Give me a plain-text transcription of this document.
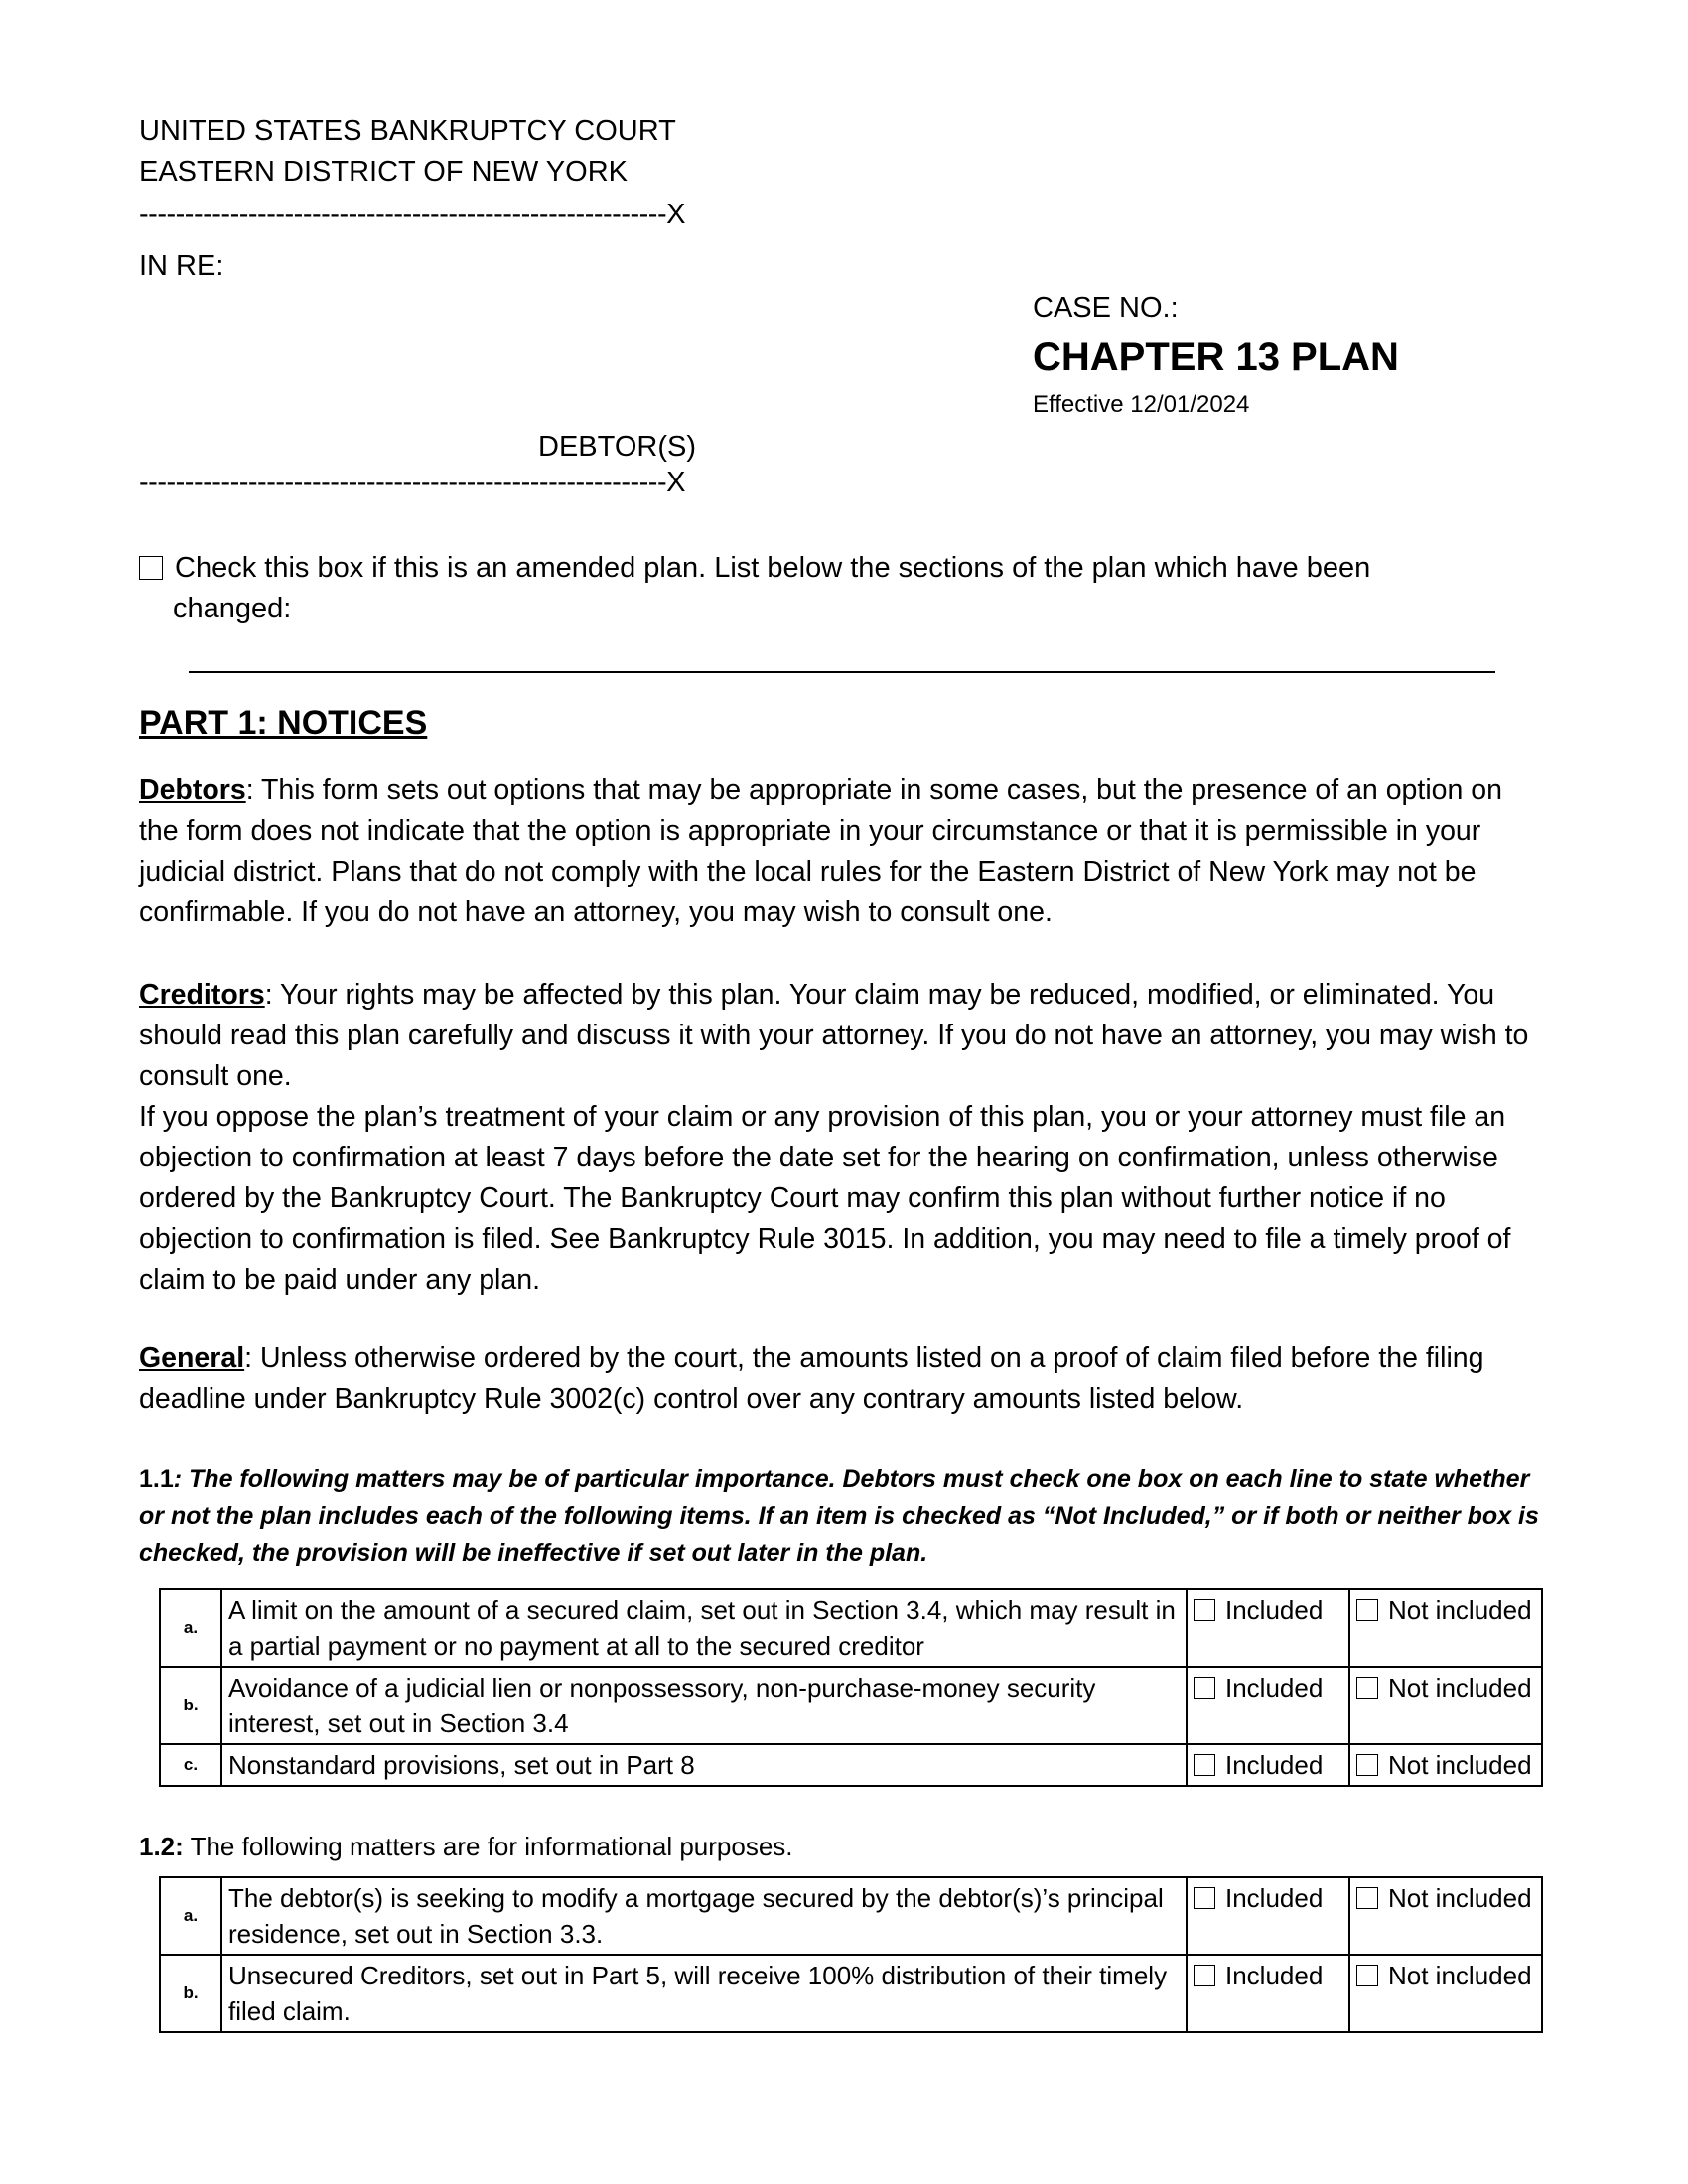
UNITED STATES BANKRUPTCY COURT
EASTERN DISTRICT OF NEW YORK
----------------------------------------------------------X
IN RE:
CASE NO.:
CHAPTER 13 PLAN
Effective 12/01/2024
DEBTOR(S)
----------------------------------------------------------X
Check this box if this is an amended plan. List below the sections of the plan which have been
changed:
PART 1: NOTICES
Debtors: This form sets out options that may be appropriate in some cases, but the presence of an option on the form does not indicate that the option is appropriate in your circumstance or that it is permissible in your judicial district. Plans that do not comply with the local rules for the Eastern District of New York may not be confirmable. If you do not have an attorney, you may wish to consult one.
Creditors: Your rights may be affected by this plan. Your claim may be reduced, modified, or eliminated. You should read this plan carefully and discuss it with your attorney. If you do not have an attorney, you may wish to consult one.
If you oppose the plan’s treatment of your claim or any provision of this plan, you or your attorney must file an objection to confirmation at least 7 days before the date set for the hearing on confirmation, unless otherwise ordered by the Bankruptcy Court. The Bankruptcy Court may confirm this plan without further notice if no objection to confirmation is filed. See Bankruptcy Rule 3015. In addition, you may need to file a timely proof of claim to be paid under any plan.
General: Unless otherwise ordered by the court, the amounts listed on a proof of claim filed before the filing deadline under Bankruptcy Rule 3002(c) control over any contrary amounts listed below.
1.1: The following matters may be of particular importance. Debtors must check one box on each line to state whether or not the plan includes each of the following items. If an item is checked as “Not Included,” or if both or neither box is checked, the provision will be ineffective if set out later in the plan.
a.	A limit on the amount of a secured claim, set out in Section 3.4, which may result in a partial payment or no payment at all to the secured creditor	Included	Not included
b.	Avoidance of a judicial lien or nonpossessory, non-purchase-money security interest, set out in Section 3.4	Included	Not included
c.	Nonstandard provisions, set out in Part 8	Included	Not included
1.2: The following matters are for informational purposes.
a.	The debtor(s) is seeking to modify a mortgage secured by the debtor(s)’s principal residence, set out in Section 3.3.	Included	Not included
b.	Unsecured Creditors, set out in Part 5, will receive 100% distribution of their timely filed claim.	Included	Not included
